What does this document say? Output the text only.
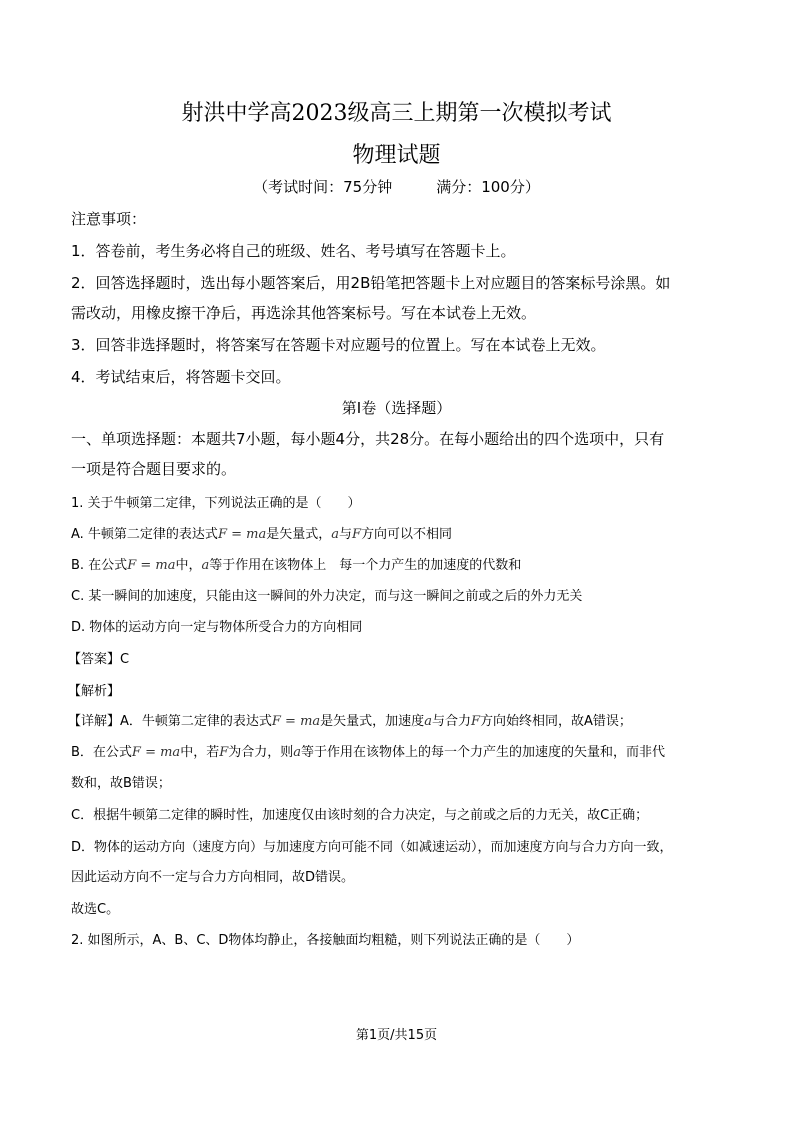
射洪中学高2023级高三上期第一次模拟考试
物理试题
（考试时间：75分钟	满分：100分）
注意事项：
1．答卷前，考生务必将自己的班级、姓名、考号填写在答题卡上。
2．回答选择题时，选出每小题答案后，用2B铅笔把答题卡上对应题目的答案标号涂黑。如
需改动，用橡皮擦干净后，再选涂其他答案标号。写在本试卷上无效。
3．回答非选择题时，将答案写在答题卡对应题号的位置上。写在本试卷上无效。
4．考试结束后，将答题卡交回。
第I卷（选择题）
一、单项选择题：本题共7小题，每小题4分，共28分。在每小题给出的四个选项中，只有
一项是符合题目要求的。
1. 关于牛顿第二定律，下列说法正确的是（　　）
A. 牛顿第二定律的表达式F = ma是矢量式，a与F方向可以不相同
B. 在公式F = ma中，a等于作用在该物体上　每一个力产生的加速度的代数和
C. 某一瞬间的加速度，只能由这一瞬间的外力决定，而与这一瞬间之前或之后的外力无关
D. 物体的运动方向一定与物体所受合力的方向相同
【答案】C
【解析】
【详解】A．牛顿第二定律的表达式F = ma是矢量式，加速度a与合力F方向始终相同，故A错误；
B．在公式F = ma中，若F为合力，则a等于作用在该物体上的每一个力产生的加速度的矢量和，而非代
数和，故B错误；
C．根据牛顿第二定律的瞬时性，加速度仅由该时刻的合力决定，与之前或之后的力无关，故C正确；
D．物体的运动方向（速度方向）与加速度方向可能不同（如减速运动），而加速度方向与合力方向一致，
因此运动方向不一定与合力方向相同，故D错误。
故选C。
2. 如图所示，A、B、C、D物体均静止，各接触面均粗糙，则下列说法正确的是（　　）
第1页/共15页
